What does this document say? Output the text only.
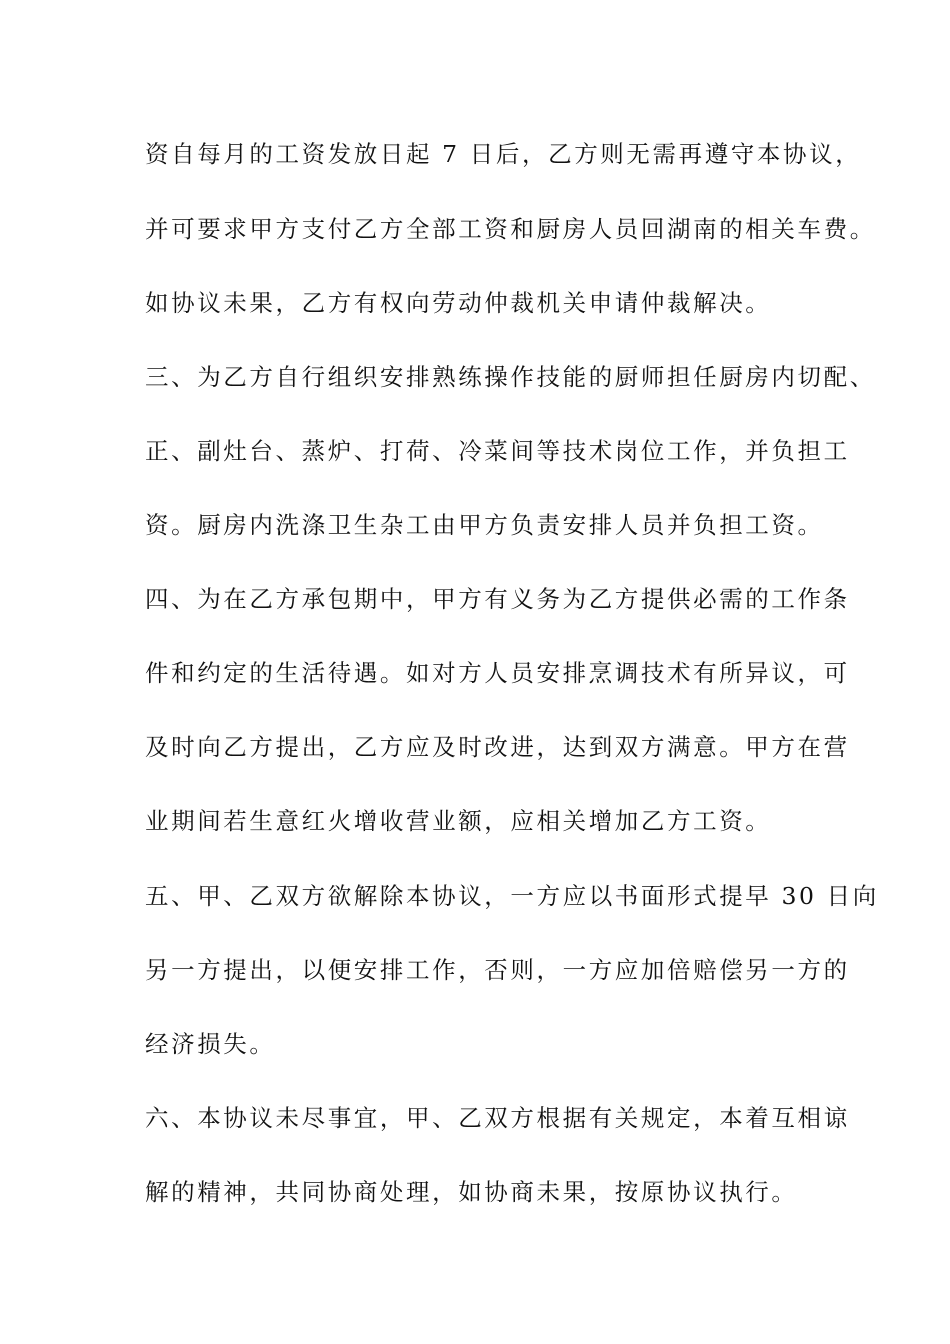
资自每月的工资发放日起 7 日后，乙方则无需再遵守本协议，
并可要求甲方支付乙方全部工资和厨房人员回湖南的相关车费。
如协议未果，乙方有权向劳动仲裁机关申请仲裁解决。
三、为乙方自行组织安排熟练操作技能的厨师担任厨房内切配、
正、副灶台、蒸炉、打荷、冷菜间等技术岗位工作，并负担工
资。厨房内洗涤卫生杂工由甲方负责安排人员并负担工资。
四、为在乙方承包期中，甲方有义务为乙方提供必需的工作条
件和约定的生活待遇。如对方人员安排烹调技术有所异议，可
及时向乙方提出，乙方应及时改进，达到双方满意。甲方在营
业期间若生意红火增收营业额，应相关增加乙方工资。
五、甲、乙双方欲解除本协议，一方应以书面形式提早 30 日向
另一方提出，以便安排工作，否则，一方应加倍赔偿另一方的
经济损失。
六、本协议未尽事宜，甲、乙双方根据有关规定，本着互相谅
解的精神，共同协商处理，如协商未果，按原协议执行。
